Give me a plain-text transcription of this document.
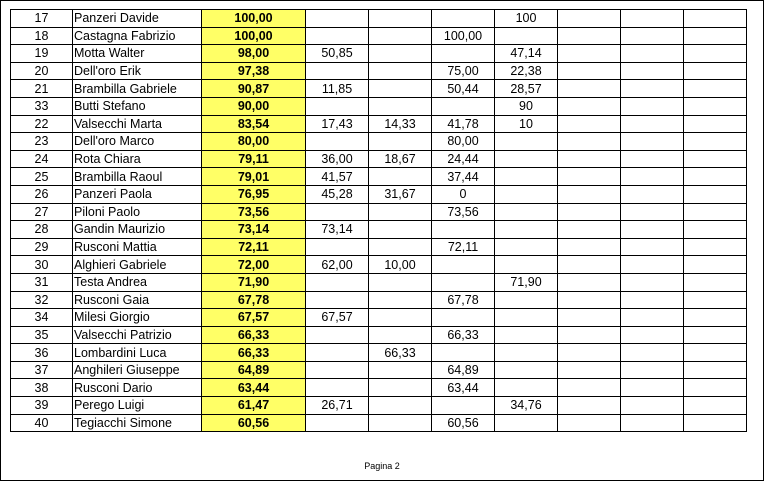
17	Panzeri Davide	100,00				100			
18	Castagna Fabrizio	100,00			100,00				
19	Motta Walter	98,00	50,85			47,14			
20	Dell'oro Erik	97,38			75,00	22,38			
21	Brambilla Gabriele	90,87	11,85		50,44	28,57			
33	Butti Stefano	90,00				90			
22	Valsecchi Marta	83,54	17,43	14,33	41,78	10			
23	Dell'oro Marco	80,00			80,00				
24	Rota Chiara	79,11	36,00	18,67	24,44				
25	Brambilla Raoul	79,01	41,57		37,44				
26	Panzeri Paola	76,95	45,28	31,67	0				
27	Piloni Paolo	73,56			73,56				
28	Gandin Maurizio	73,14	73,14						
29	Rusconi Mattia	72,11			72,11				
30	Alghieri Gabriele	72,00	62,00	10,00					
31	Testa Andrea	71,90				71,90			
32	Rusconi Gaia	67,78			67,78				
34	Milesi Giorgio	67,57	67,57						
35	Valsecchi Patrizio	66,33			66,33				
36	Lombardini Luca	66,33		66,33					
37	Anghileri Giuseppe	64,89			64,89				
38	Rusconi Dario	63,44			63,44				
39	Perego Luigi	61,47	26,71			34,76			
40	Tegiacchi Simone	60,56			60,56				
Pagina 2
